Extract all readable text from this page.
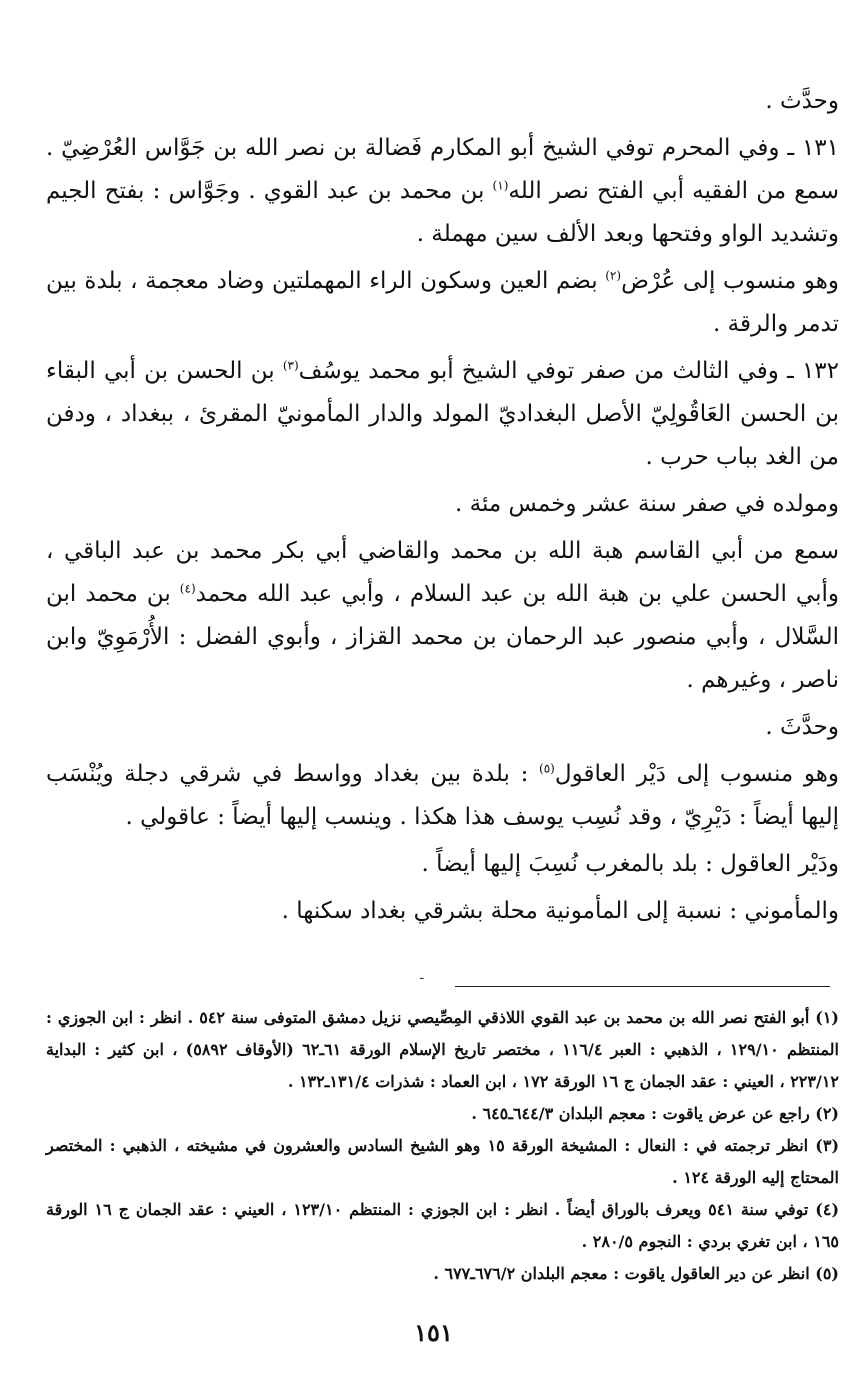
وحدَّث .

١٣١ ـ وفي المحرم توفي الشيخ أبو المكارم فَضالة بن نصر الله بن جَوَّاس العُرْضِيّ . سمع من الفقيه أبي الفتح نصر الله$^{(١)}$ بن محمد بن عبد القوي . وجَوَّاس : بفتح الجيم وتشديد الواو وفتحها وبعد الألف سين مهملة .

وهو منسوب إلى عُرْض$^{(٢)}$ بضم العين وسكون الراء المهملتين وضاد معجمة ، بلدة بين تدمر والرقة .

١٣٢ ـ وفي الثالث من صفر توفي الشيخ أبو محمد يوسُف$^{(٣)}$ بن الحسن بن أبي البقاء بن الحسن العَاقُولِيّ الأصل البغداديّ المولد والدار المأمونيّ المقرئ ، ببغداد ، ودفن من الغد بباب حرب .

ومولده في صفر سنة عشر وخمس مئة .

سمع من أبي القاسم هبة الله بن محمد والقاضي أبي بكر محمد بن عبد الباقي ، وأبي الحسن علي بن هبة الله بن عبد السلام ، وأبي عبد الله محمد$^{(٤)}$ بن محمد ابن السَّلال ، وأبي منصور عبد الرحمان بن محمد القزاز ، وأبوي الفضل : الأُرْمَوِيّ وابن ناصر ، وغيرهم .

وحدَّثَ .

وهو منسوب إلى دَيْر العاقول$^{(٥)}$ : بلدة بين بغداد وواسط في شرقي دجلة ويُنْسَب إليها أيضاً : دَيْرِيّ ، وقد نُسِب يوسف هذا هكذا . وينسب إليها أيضاً : عاقولي .

ودَيْر العاقول : بلد بالمغرب نُسِبَ إليها أيضاً .

والمأموني : نسبة إلى المأمونية محلة بشرقي بغداد سكنها .

ـ

(١) أبو الفتح نصر الله بن محمد بن عبد القوي اللاذقي المِصِّيصي نزيل دمشق المتوفى سنة ٥٤٢ . انظر : ابن الجوزي : المنتظم ١٢٩/١٠ ، الذهبي : العبر ١١٦/٤ ، مختصر تاريخ الإسلام الورقة ٦١ـ٦٢ (الأوقاف ٥٨٩٢) ، ابن كثير : البداية ٢٢٣/١٢ ، العيني : عقد الجمان ج ١٦ الورقة ١٧٢ ، ابن العماد : شذرات ١٣١/٤ـ١٣٢ .

(٢) راجع عن عرض ياقوت : معجم البلدان ٦٤٤/٣ـ٦٤٥ .

(٣) انظر ترجمته في : النعال : المشيخة الورقة ١٥ وهو الشيخ السادس والعشرون في مشيخته ، الذهبي : المختصر المحتاج إليه الورقة ١٢٤ .

(٤) توفي سنة ٥٤١ ويعرف بالوراق أيضاً . انظر : ابن الجوزي : المنتظم ١٢٣/١٠ ، العيني : عقد الجمان ج ١٦ الورقة ١٦٥ ، ابن تغري بردي : النجوم ٢٨٠/٥ .

(٥) انظر عن دير العاقول ياقوت : معجم البلدان ٦٧٦/٢ـ٦٧٧ .

١٥١
